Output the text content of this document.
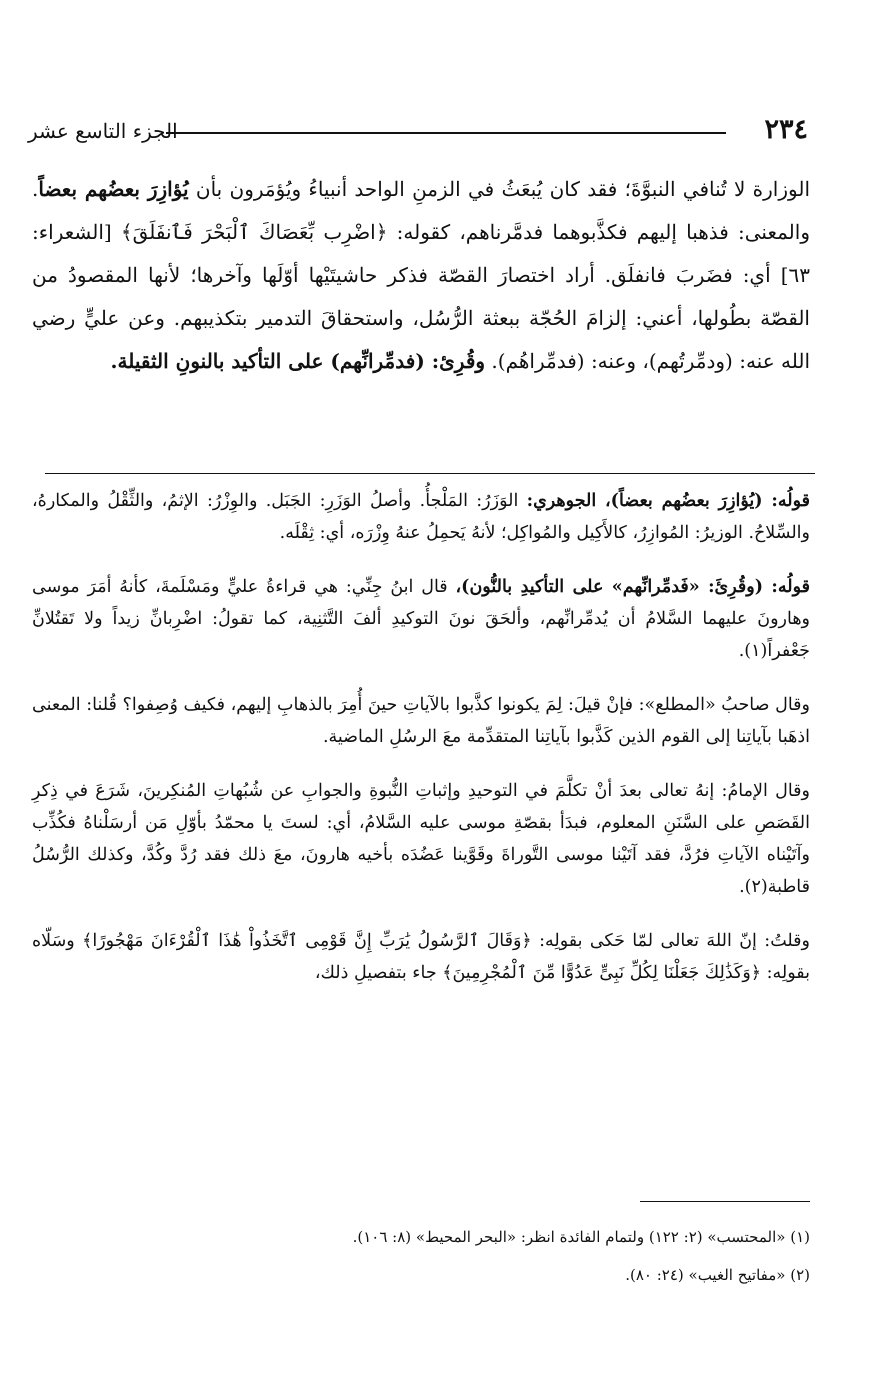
٢٣٤
الجزء التاسع عشر

الوزارة لا تُنافي النبوَّةَ؛ فقد كان يُبعَثُ في الزمنِ الواحد أنبياءُ ويُؤمَرون بأن يُؤازِرَ بعضُهم بعضاً. والمعنى: فذهبا إليهم فكذَّبوهما فدمَّرناهم، كقوله: ﴿اضْرِب بِّعَصَاكَ ٱلْبَحْرَ فَٱنفَلَقَ﴾ [الشعراء: ٦٣] أي: فضَربَ فانفلَق. أراد اختصارَ القصّة فذكر حاشيتَيْها أوّلَها وآخرها؛ لأنها المقصودُ من القصّة بطُولها، أعني: إلزامَ الحُجّة ببعثة الرُّسُل، واستحقاقَ التدمير بتكذيبهم. وعن عليٍّ رضي الله عنه: (ودمِّرتُهم)، وعنه: (فدمِّراهُم). وقُرِئ: (فدمِّرانِّهم) على التأكيد بالنونِ الثقيلة.

قولُه: (يُؤازِرَ بعضُهم بعضاً)، الجوهري: الوَزَرُ: المَلْجأُ. وأصلُ الوَزَرِ: الجَبَل. والوِزْرُ: الإثمُ، والثِّقْلُ والمكارهُ، والسِّلاحُ. الوزيرُ: المُوازِرُ، كالأَكِيل والمُواكِل؛ لأنهُ يَحمِلُ عنهُ وِزْرَه، أي: ثِقْلَه.

قولُه: (وقُرِئَ: «فَدمِّرانِّهم» على التأكيدِ بالنُّون)، قال ابنُ جِنِّي: هي قراءةُ عليٍّ ومَسْلَمةَ، كأنهُ أمَرَ موسى وهارونَ عليهما السَّلامُ أن يُدمِّرانِّهم، وألحَقَ نونَ التوكيدِ ألفَ التَّثنِية، كما تقولُ: اضْرِبانِّ زيداً ولا تَقتُلانِّ جَعْفراً(١).

وقال صاحبُ «المطلع»: فإنْ قيلَ: لِمَ يكونوا كذَّبوا بالآياتِ حينَ أُمِرَ بالذهابِ إليهم، فكيف وُصِفوا؟ قُلنا: المعنى اذهَبا بآياتِنا إلى القوم الذين كَذَّبوا بآياتِنا المتقدِّمة معَ الرسُلِ الماضية.

وقال الإمامُ: إنهُ تعالى بعدَ أنْ تكلَّمَ في التوحيدِ وإثباتِ النُّبوةِ والجوابِ عن شُبُهاتِ المُنكِرينَ، شَرَعَ في ذِكرِ القَصَصِ على السَّنَنِ المعلوم، فبدَأ بقصّةِ موسى عليه السَّلامُ، أي: لستَ يا محمّدُ بأوّلِ مَن أرسَلْناهُ فكُذِّب وآتَيْناه الآياتِ فرُدَّ، فقد آتَيْنا موسى التَّوراةَ وقَوَّينا عَضُدَه بأخيه هارونَ، معَ ذلك فقد رُدَّ وكُدَّ، وكذلك الرُّسُلُ قاطبة(٢).

وقلتُ: إنّ اللهَ تعالى لمّا حَكى بقولِه: ﴿وَقَالَ ٱلرَّسُولُ يَٰرَبِّ إِنَّ قَوْمِى ٱتَّخَذُواْ هَٰذَا ٱلْقُرْءَانَ مَهْجُورًا﴾ وسَلّاه بقولِه: ﴿وَكَذَٰلِكَ جَعَلْنَا لِكُلِّ نَبِىٍّ عَدُوًّا مِّنَ ٱلْمُجْرِمِينَ﴾ جاء بتفصيلِ ذلك،

(١) «المحتسب» (٢: ١٢٢) ولتمام الفائدة انظر: «البحر المحيط» (٨: ١٠٦).

(٢) «مفاتيح الغيب» (٢٤: ٨٠).
